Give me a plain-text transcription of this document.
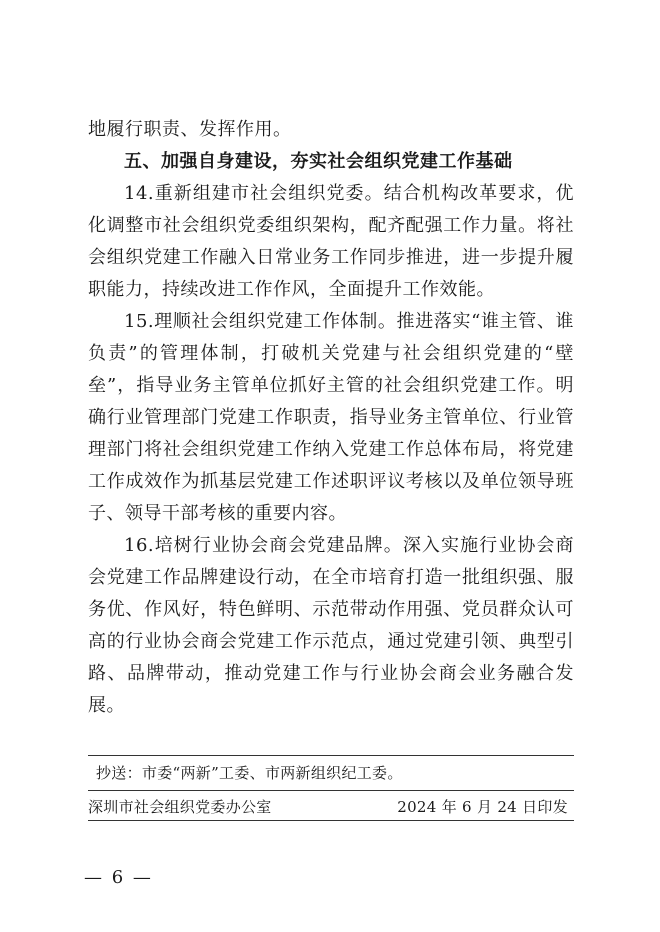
地履行职责、发挥作用。

五、加强自身建设，夯实社会组织党建工作基础

14.重新组建市社会组织党委。结合机构改革要求，优化调整市社会组织党委组织架构，配齐配强工作力量。将社会组织党建工作融入日常业务工作同步推进，进一步提升履职能力，持续改进工作作风，全面提升工作效能。

15.理顺社会组织党建工作体制。推进落实“谁主管、谁负责”的管理体制，打破机关党建与社会组织党建的“壁垒”，指导业务主管单位抓好主管的社会组织党建工作。明确行业管理部门党建工作职责，指导业务主管单位、行业管理部门将社会组织党建工作纳入党建工作总体布局，将党建工作成效作为抓基层党建工作述职评议考核以及单位领导班子、领导干部考核的重要内容。

16.培树行业协会商会党建品牌。深入实施行业协会商会党建工作品牌建设行动，在全市培育打造一批组织强、服务优、作风好，特色鲜明、示范带动作用强、党员群众认可高的行业协会商会党建工作示范点，通过党建引领、典型引路、品牌带动，推动党建工作与行业协会商会业务融合发展。

抄送：市委“两新”工委、市两新组织纪工委。
深圳市社会组织党委办公室	2024 年 6 月 24 日印发
— 6 —
